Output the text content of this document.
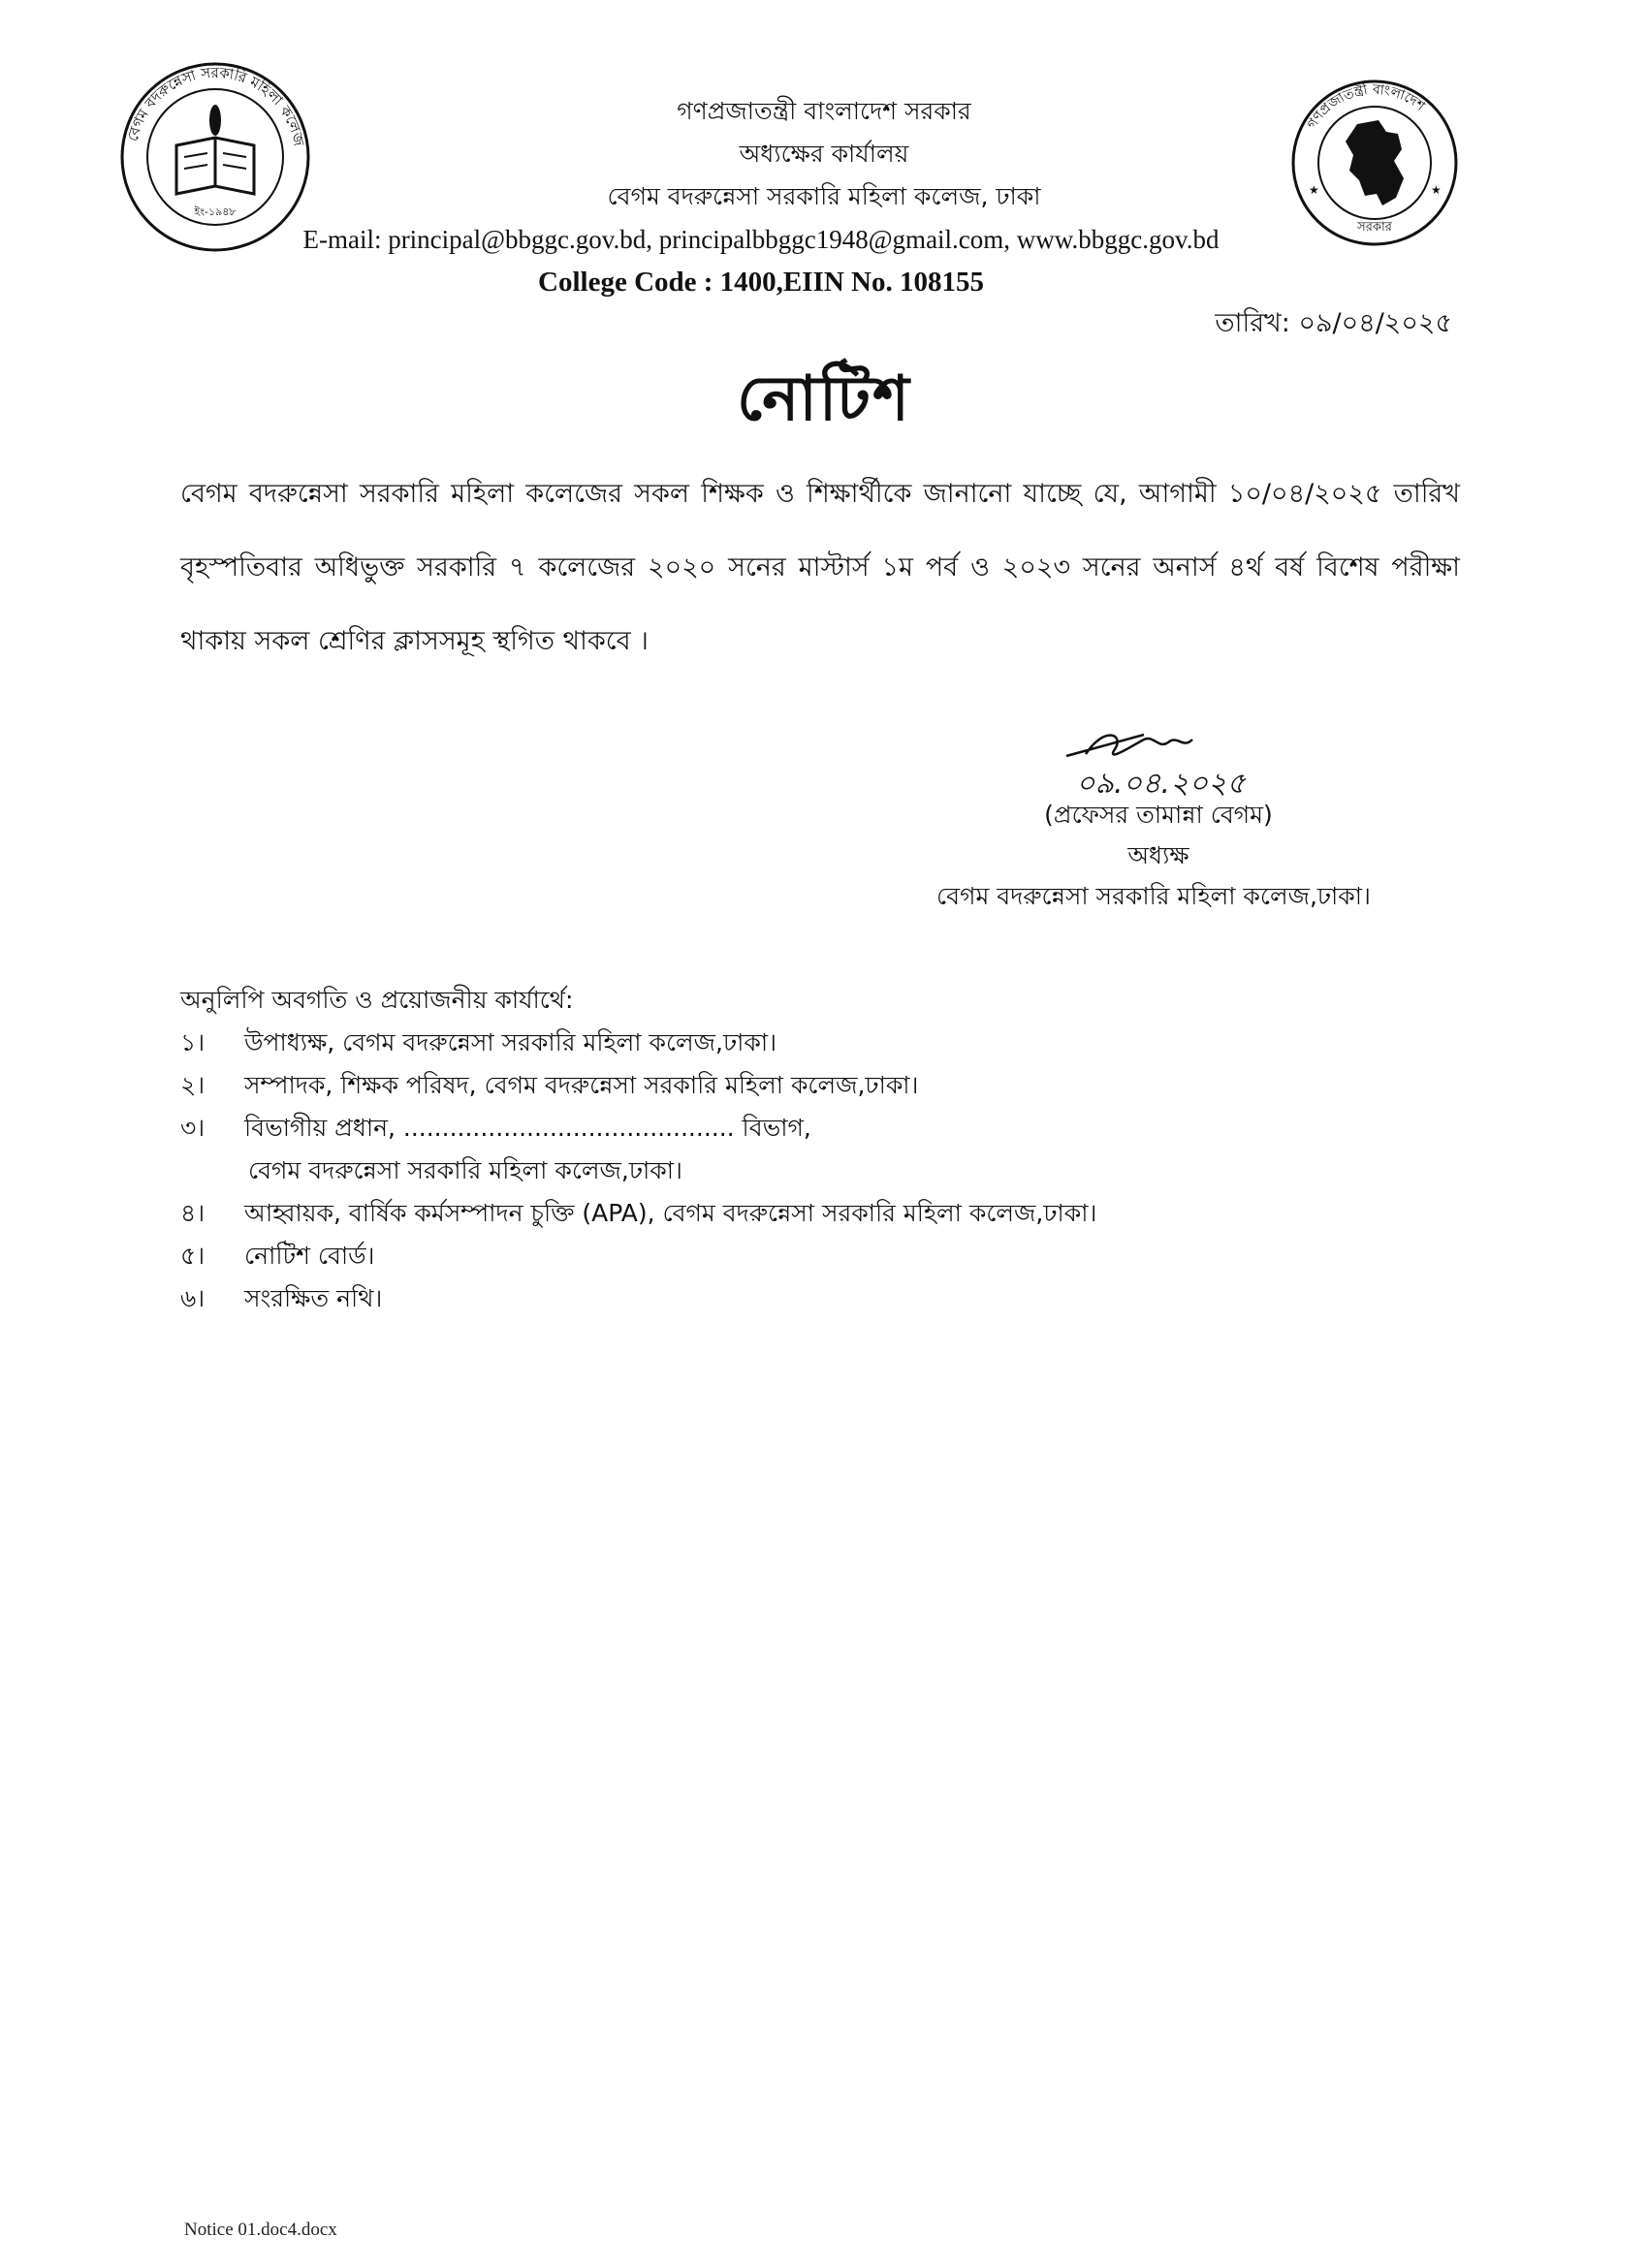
বেগম বদরুন্নেসা সরকারি মহিলা কলেজ
ইং-১৯৪৮
গণপ্রজাতন্ত্রী বাংলাদেশ
সরকার
★	★
গণপ্রজাতন্ত্রী বাংলাদেশ সরকার
অধ্যক্ষের কার্যালয়
বেগম বদরুন্নেসা সরকারি মহিলা কলেজ, ঢাকা
E-mail: principal@bbggc.gov.bd, principalbbggc1948@gmail.com, www.bbggc.gov.bd
College Code : 1400,EIIN No. 108155
তারিখ: ০৯/০৪/২০২৫
নোটিশ
বেগম বদরুন্নেসা সরকারি মহিলা কলেজের সকল শিক্ষক ও শিক্ষার্থীকে জানানো যাচ্ছে যে, আগামী ১০/০৪/২০২৫ তারিখ বৃহস্পতিবার অধিভুক্ত সরকারি ৭ কলেজের ২০২০ সনের মাস্টার্স ১ম পর্ব ও ২০২৩ সনের অনার্স ৪র্থ বর্ষ বিশেষ পরীক্ষা থাকায় সকল শ্রেণির ক্লাসসমূহ স্থগিত থাকবে ।
০৯.০৪.২০২৫
(প্রফেসর তামান্না বেগম)
অধ্যক্ষ
বেগম বদরুন্নেসা সরকারি মহিলা কলেজ,ঢাকা।
অনুলিপি অবগতি ও প্রয়োজনীয় কার্যার্থে:
১।	উপাধ্যক্ষ, বেগম বদরুন্নেসা সরকারি মহিলা কলেজ,ঢাকা।
২।	সম্পাদক, শিক্ষক পরিষদ, বেগম বদরুন্নেসা সরকারি মহিলা কলেজ,ঢাকা।
৩।	বিভাগীয় প্রধান, ........................................... বিভাগ,
বেগম বদরুন্নেসা সরকারি মহিলা কলেজ,ঢাকা।
৪।	আহ্বায়ক, বার্ষিক কর্মসম্পাদন চুক্তি (APA), বেগম বদরুন্নেসা সরকারি মহিলা কলেজ,ঢাকা।
৫।	নোটিশ বোর্ড।
৬।	সংরক্ষিত নথি।
Notice 01.doc4.docx
